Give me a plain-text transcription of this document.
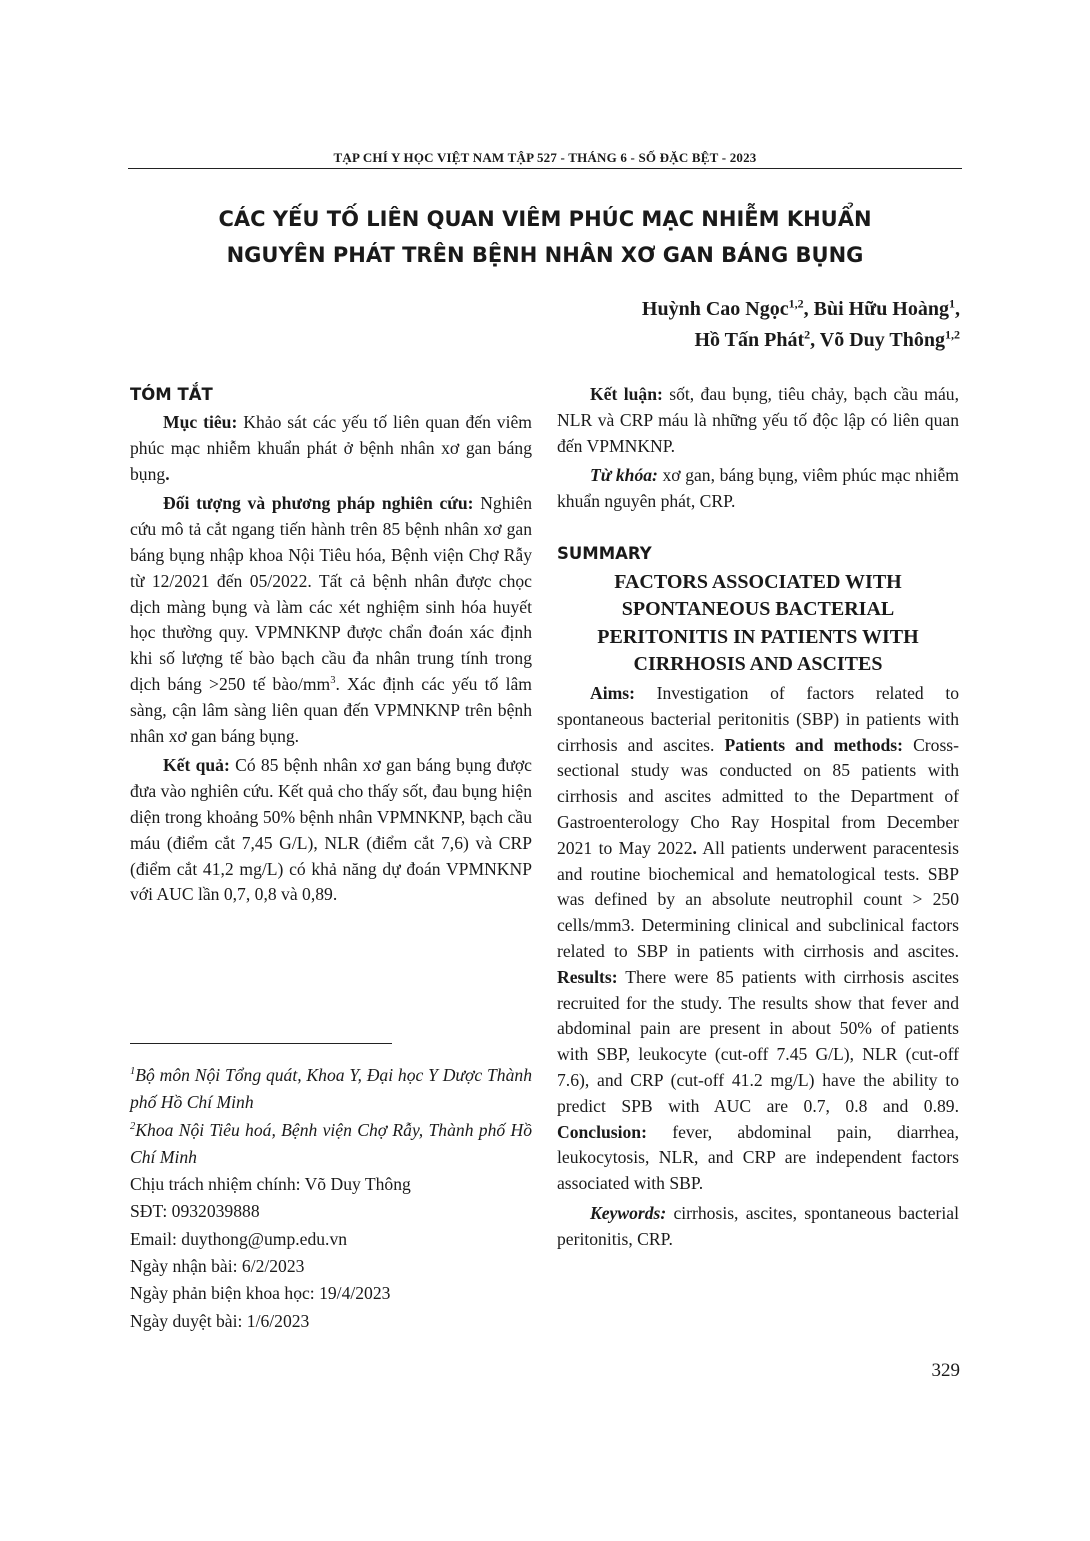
TẠP CHÍ Y HỌC VIỆT NAM TẬP 527 - THÁNG 6 - SỐ ĐẶC BỆT - 2023
CÁC YẾU TỐ LIÊN QUAN VIÊM PHÚC MẠC NHIỄM KHUẨN
NGUYÊN PHÁT TRÊN BỆNH NHÂN XƠ GAN BÁNG BỤNG
Huỳnh Cao Ngọc$^{1,2}$, Bùi Hữu Hoàng$^1$,
Hồ Tấn Phát$^2$, Võ Duy Thông$^{1,2}$
TÓM TẮT

Mục tiêu: Khảo sát các yếu tố liên quan đến viêm phúc mạc nhiễm khuẩn phát ở bệnh nhân xơ gan báng bụng.

Đối tượng và phương pháp nghiên cứu: Nghiên cứu mô tả cắt ngang tiến hành trên 85 bệnh nhân xơ gan báng bụng nhập khoa Nội Tiêu hóa, Bệnh viện Chợ Rẫy từ 12/2021 đến 05/2022. Tất cả bệnh nhân được chọc dịch màng bụng và làm các xét nghiệm sinh hóa huyết học thường quy. VPMNKNP được chẩn đoán xác định khi số lượng tế bào bạch cầu đa nhân trung tính trong dịch báng >250 tế bào/$mm^3$. Xác định các yếu tố lâm sàng, cận lâm sàng liên quan đến VPMNKNP trên bệnh nhân xơ gan báng bụng.

Kết quả: Có 85 bệnh nhân xơ gan báng bụng được đưa vào nghiên cứu. Kết quả cho thấy sốt, đau bụng hiện diện trong khoảng 50% bệnh nhân VPMNKNP, bạch cầu máu (điểm cắt 7,45 G/L), NLR (điểm cắt 7,6) và CRP (điểm cắt 41,2 mg/L) có khả năng dự đoán VPMNKNP với AUC lần 0,7, 0,8 và 0,89.

$^1$Bộ môn Nội Tổng quát, Khoa Y, Đại học Y Dược Thành phố Hồ Chí Minh
$^2$Khoa Nội Tiêu hoá, Bệnh viện Chợ Rẫy, Thành phố Hồ Chí Minh
Chịu trách nhiệm chính: Võ Duy Thông
SĐT: 0932039888
Email: duythong@ump.edu.vn
Ngày nhận bài: 6/2/2023
Ngày phản biện khoa học: 19/4/2023
Ngày duyệt bài: 1/6/2023

Kết luận: sốt, đau bụng, tiêu chảy, bạch cầu máu, NLR và CRP máu là những yếu tố độc lập có liên quan đến VPMNKNP.

Từ khóa: xơ gan, báng bụng, viêm phúc mạc nhiễm khuẩn nguyên phát, CRP.

SUMMARY
FACTORS ASSOCIATED WITH
SPONTANEOUS BACTERIAL
PERITONITIS IN PATIENTS WITH
CIRRHOSIS AND ASCITES

Aims: Investigation of factors related to spontaneous bacterial peritonitis (SBP) in patients with cirrhosis and ascites. Patients and methods: Cross-sectional study was conducted on 85 patients with cirrhosis and ascites admitted to the Department of Gastroenterology Cho Ray Hospital from December 2021 to May 2022. All patients underwent paracentesis and routine biochemical and hematological tests. SBP was defined by an absolute neutrophil count > 250 cells/mm3. Determining clinical and subclinical factors related to SBP in patients with cirrhosis and ascites. Results: There were 85 patients with cirrhosis ascites recruited for the study. The results show that fever and abdominal pain are present in about 50% of patients with SBP, leukocyte (cut-off 7.45 G/L), NLR (cut-off 7.6), and CRP (cut-off 41.2 mg/L) have the ability to predict SPB with AUC are 0.7, 0.8 and 0.89. Conclusion: fever, abdominal pain, diarrhea, leukocytosis, NLR, and CRP are independent factors associated with SBP.

Keywords: cirrhosis, ascites, spontaneous bacterial peritonitis, CRP.

329
